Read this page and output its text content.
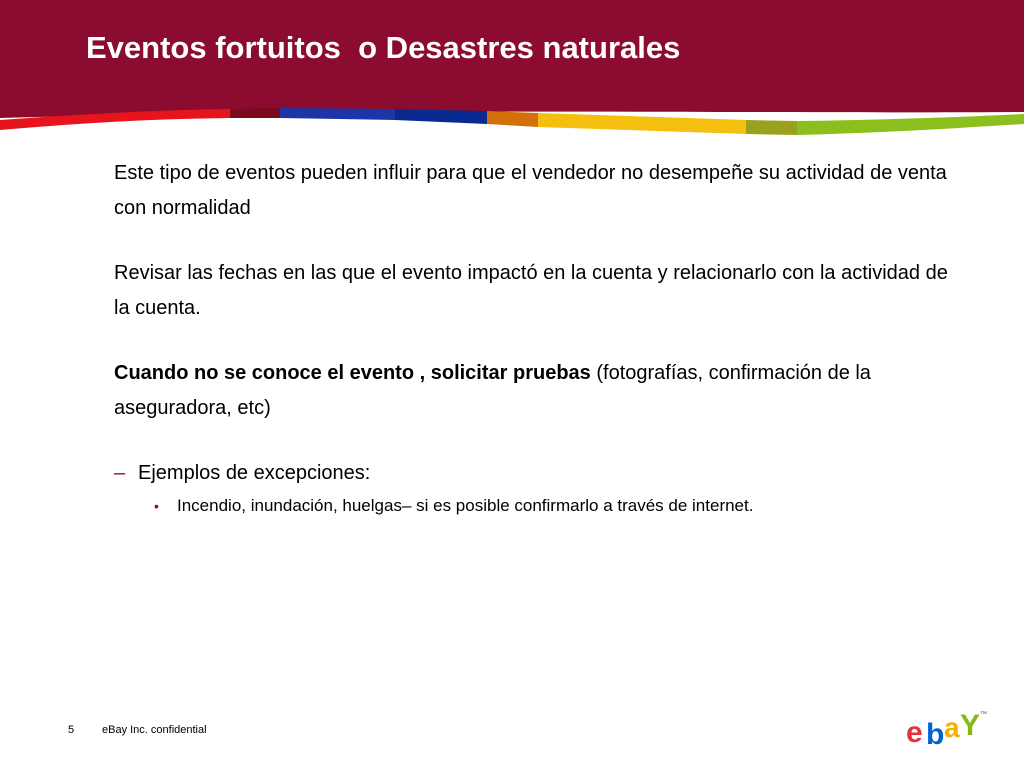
Eventos fortuitos  o Desastres naturales

Este tipo de eventos pueden influir para que el vendedor no desempeñe su actividad de venta con normalidad

Revisar las fechas en las que el evento impactó en la cuenta y relacionarlo con la actividad de la cuenta.

Cuando no se conoce el evento , solicitar pruebas (fotografías, confirmación de la aseguradora, etc)

– Ejemplos de excepciones:
• Incendio, inundación, huelgas– si es posible confirmarlo a través de internet.
5	eBay Inc. confidential	e b a Y ™
